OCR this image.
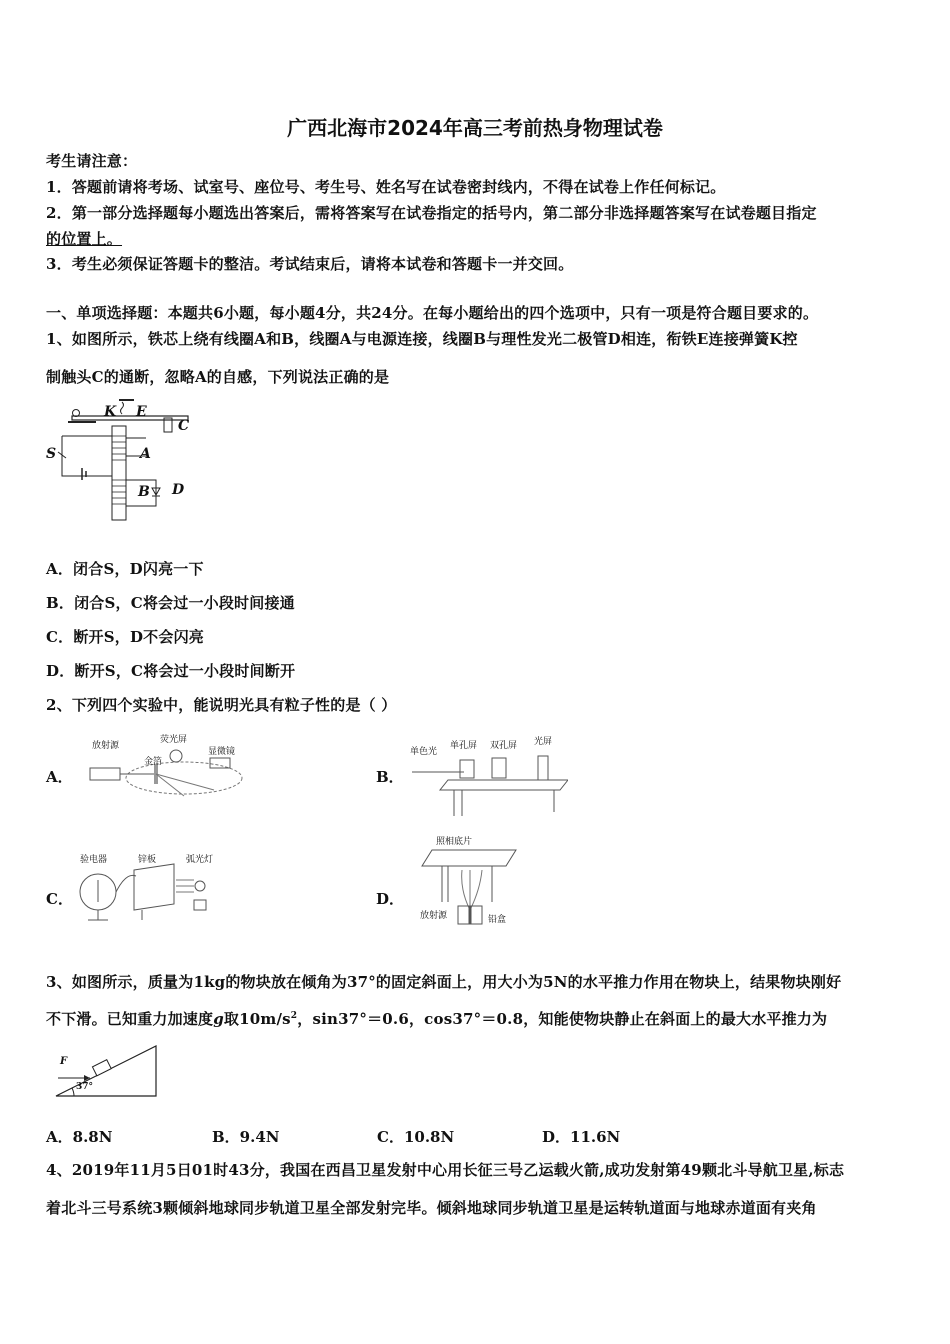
广西北海市2024年高三考前热身物理试卷
考生请注意：
1．答题前请将考场、试室号、座位号、考生号、姓名写在试卷密封线内，不得在试卷上作任何标记。
2．第一部分选择题每小题选出答案后，需将答案写在试卷指定的括号内，第二部分非选择题答案写在试卷题目指定
的位置上。
3．考生必须保证答题卡的整洁。考试结束后，请将本试卷和答题卡一并交回。
一、单项选择题：本题共6小题，每小题4分，共24分。在每小题给出的四个选项中，只有一项是符合题目要求的。
1、如图所示，铁芯上绕有线圈A和B，线圈A与电源连接，线圈B与理性发光二极管D相连，衔铁E连接弹簧K控
制触头C的通断，忽略A的自感，下列说法正确的是
K E
C
S	A
B D
A．闭合S，D闪亮一下
B．闭合S，C将会过一小段时间接通
C．断开S，D不会闪亮
D．断开S，C将会过一小段时间断开
2、下列四个实验中，能说明光具有粒子性的是（ ）
A．
放射源
荧光屏
金箔
显微镜
B．
单色光
单孔屏 双孔屏 光屏
C．
验电器	锌板	弧光灯
D．
照相底片
放射源	铅盒
3、如图所示，质量为1kg的物块放在倾角为37°的固定斜面上，用大小为5N的水平推力作用在物块上，结果物块刚好
不下滑。已知重力加速度g取$10m/s^2$，sin37°＝0.6，cos37°＝0.8，知能使物块静止在斜面上的最大水平推力为
F
37°
A．8.8N	B．9.4N	C．10.8N	D．11.6N
4、2019年11月5日01时43分，我国在西昌卫星发射中心用长征三号乙运载火箭,成功发射第49颗北斗导航卫星,标志
着北斗三号系统3颗倾斜地球同步轨道卫星全部发射完毕。倾斜地球同步轨道卫星是运转轨道面与地球赤道面有夹角
